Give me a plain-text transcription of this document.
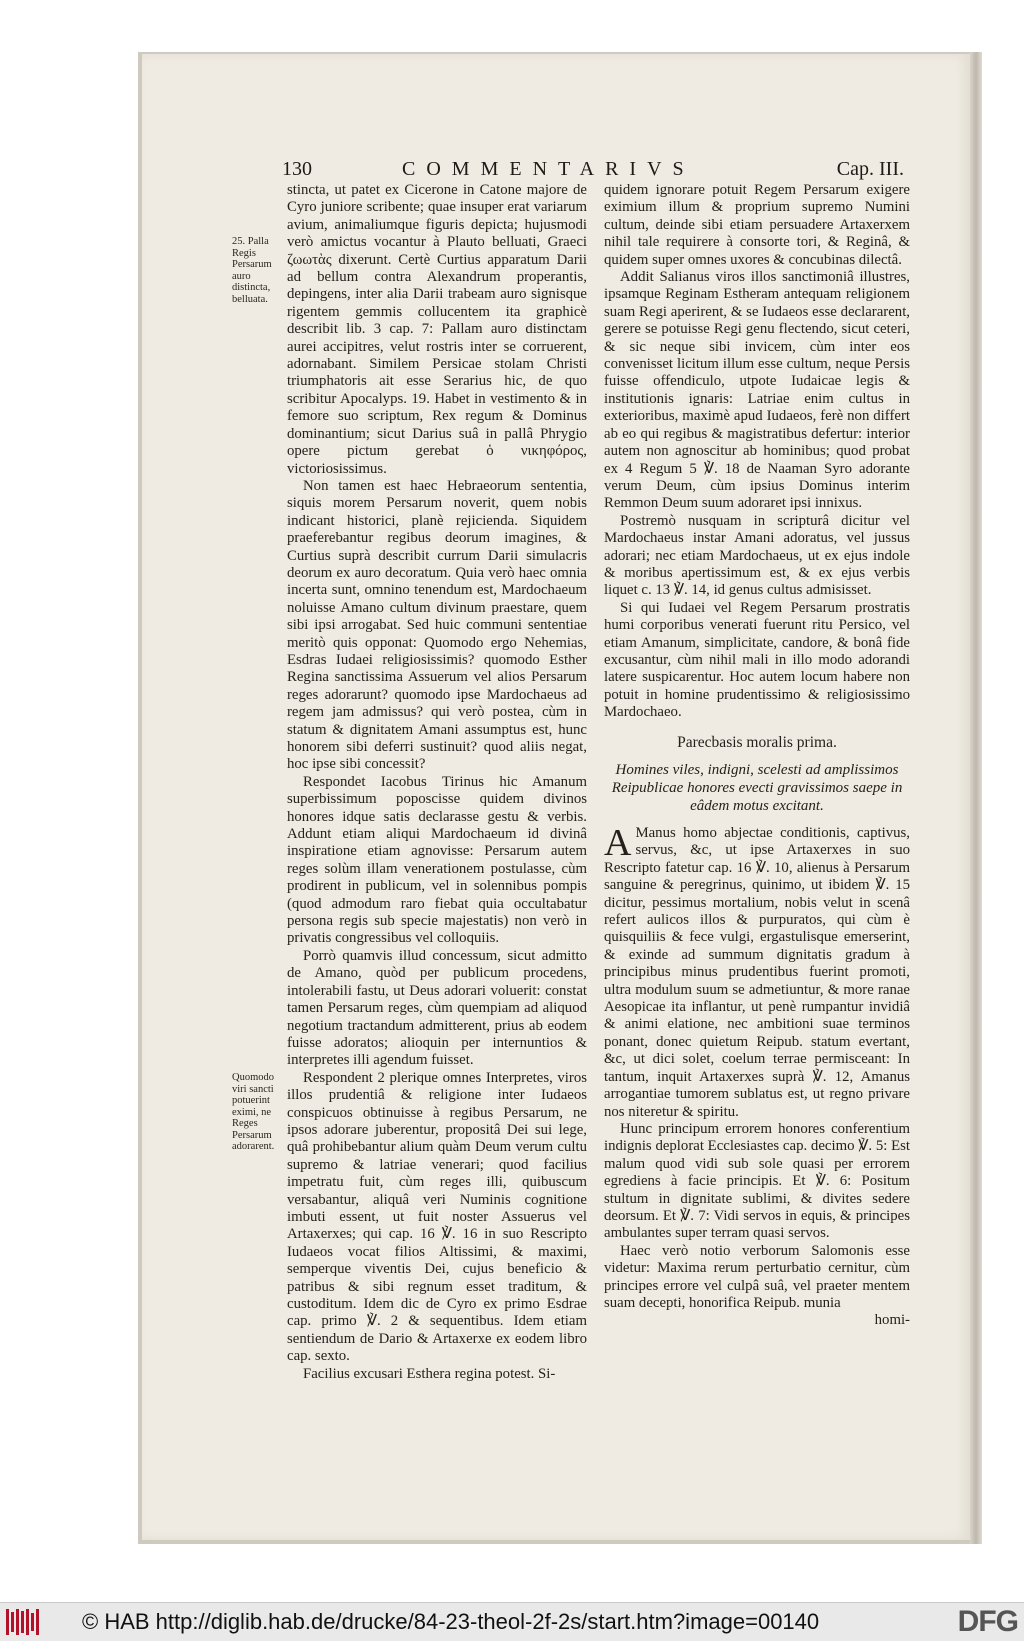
130	COMMENTARIVS	Cap. III.
25. Palla Regis Persarum auro distincta, belluata.
Quomodo viri sancti potuerint eximi, ne Reges Persarum adorarent.

stincta, ut patet ex Cicerone in Catone majore de Cyro juniore scribente; quae insuper erat variarum avium, animaliumque figuris depicta; hujusmodi verò amictus vocantur à Plauto belluati, Graeci ζωωτὰς dixerunt. Certè Curtius apparatum Darii ad bellum contra Alexandrum properantis, depingens, inter alia Darii trabeam auro signisque rigentem gemmis collucentem ita graphicè describit lib. 3 cap. 7: Pallam auro distinctam aurei accipitres, velut rostris inter se corruerent, adornabant. Similem Persicae stolam Christi triumphatoris ait esse Serarius hic, de quo scribitur Apocalyps. 19. Habet in vestimento & in femore suo scriptum, Rex regum & Dominus dominantium; sicut Darius suâ in pallâ Phrygio opere pictum gerebat ὁ νικηφόρος, victoriosissimus.

Non tamen est haec Hebraeorum sententia, siquis morem Persarum noverit, quem nobis indicant historici, planè rejicienda. Siquidem praeferebantur regibus deorum imagines, & Curtius suprà describit currum Darii simulacris deorum ex auro decoratum. Quia verò haec omnia incerta sunt, omnino tenendum est, Mardochaeum noluisse Amano cultum divinum praestare, quem sibi ipsi arrogabat. Sed huic communi sententiae meritò quis opponat: Quomodo ergo Nehemias, Esdras Iudaei religiosissimis? quomodo Esther Regina sanctissima Assuerum vel alios Persarum reges adorarunt? quomodo ipse Mardochaeus ad regem jam admissus? qui verò postea, cùm in statum & dignitatem Amani assumptus est, hunc honorem sibi deferri sustinuit? quod aliis negat, hoc ipse sibi concessit?

Respondet Iacobus Tirinus hic Amanum superbissimum poposcisse quidem divinos honores idque satis declarasse gestu & verbis. Addunt etiam aliqui Mardochaeum id divinâ inspiratione etiam agnovisse: Persarum autem reges solùm illam venerationem postulasse, cùm prodirent in publicum, vel in solennibus pompis (quod admodum raro fiebat quia occultabatur persona regis sub specie majestatis) non verò in privatis congressibus vel colloquiis.

Porrò quamvis illud concessum, sicut admitto de Amano, quòd per publicum procedens, intolerabili fastu, ut Deus adorari voluerit: constat tamen Persarum reges, cùm quempiam ad aliquod negotium tractandum admitterent, prius ab eodem fuisse adoratos; alioquin per internuntios & interpretes illi agendum fuisset.

Respondent 2 plerique omnes Interpretes, viros illos prudentiâ & religione inter Iudaeos conspicuos obtinuisse à regibus Persarum, ne ipsos adorare juberentur, propositâ Dei sui lege, quâ prohibebantur alium quàm Deum verum cultu supremo & latriae venerari; quod facilius impetratu fuit, cùm reges illi, quibuscum versabantur, aliquâ veri Numinis cognitione imbuti essent, ut fuit noster Assuerus vel Artaxerxes; qui cap. 16 ℣. 16 in suo Rescripto Iudaeos vocat filios Altissimi, & maximi, semperque viventis Dei, cujus beneficio & patribus & sibi regnum esset traditum, & custoditum. Idem dic de Cyro ex primo Esdrae cap. primo ℣. 2 & sequentibus. Idem etiam sentiendum de Dario & Artaxerxe ex eodem libro cap. sexto.

Facilius excusari Esthera regina potest. Si-

quidem ignorare potuit Regem Persarum exigere eximium illum & proprium supremo Numini cultum, deinde sibi etiam persuadere Artaxerxem nihil tale requirere à consorte tori, & Reginâ, & quidem super omnes uxores & concubinas dilectâ.

Addit Salianus viros illos sanctimoniâ illustres, ipsamque Reginam Estheram antequam religionem suam Regi aperirent, & se Iudaeos esse declararent, gerere se potuisse Regi genu flectendo, sicut ceteri, & sic neque sibi invicem, cùm inter eos convenisset licitum illum esse cultum, neque Persis fuisse offendiculo, utpote Iudaicae legis & institutionis ignaris: Latriae enim cultus in exterioribus, maximè apud Iudaeos, ferè non differt ab eo qui regibus & magistratibus defertur: interior autem non agnoscitur ab hominibus; quod probat ex 4 Regum 5 ℣. 18 de Naaman Syro adorante verum Deum, cùm ipsius Dominus interim Remmon Deum suum adoraret ipsi innixus.

Postremò nusquam in scripturâ dicitur vel Mardochaeus instar Amani adoratus, vel jussus adorari; nec etiam Mardochaeus, ut ex ejus indole & moribus apertissimum est, & ex ejus verbis liquet c. 13 ℣. 14, id genus cultus admisisset.

Si qui Iudaei vel Regem Persarum prostratis humi corporibus venerati fuerunt ritu Persico, vel etiam Amanum, simplicitate, candore, & bonâ fide excusantur, cùm nihil mali in illo modo adorandi latere suspicarentur. Hoc autem locum habere non potuit in homine prudentissimo & religiosissimo Mardochaeo.

Parecbasis moralis prima.
Homines viles, indigni, scelesti ad amplissimos Reipublicae honores evecti gravissimos saepe in eâdem motus excitant.

A Manus homo abjectae conditionis, captivus, servus, &c, ut ipse Artaxerxes in suo Rescripto fatetur cap. 16 ℣. 10, alienus à Persarum sanguine & peregrinus, quinimo, ut ibidem ℣. 15 dicitur, pessimus mortalium, nobis velut in scenâ refert aulicos illos & purpuratos, qui cùm è quisquiliis & fece vulgi, ergastulisque emerserint, & exinde ad summum dignitatis gradum à principibus minus prudentibus fuerint promoti, ultra modulum suum se admetiuntur, & more ranae Aesopicae ita inflantur, ut penè rumpantur invidiâ & animi elatione, nec ambitioni suae terminos ponant, donec quietum Reipub. statum evertant, &c, ut dici solet, coelum terrae permisceant: In tantum, inquit Artaxerxes suprà ℣. 12, Amanus arrogantiae tumorem sublatus est, ut regno privare nos niteretur & spiritu.

Hunc principum errorem honores conferentium indignis deplorat Ecclesiastes cap. decimo ℣. 5: Est malum quod vidi sub sole quasi per errorem egrediens à facie principis. Et ℣. 6: Positum stultum in dignitate sublimi, & divites sedere deorsum. Et ℣. 7: Vidi servos in equis, & principes ambulantes super terram quasi servos.

Haec verò notio verborum Salomonis esse videtur: Maxima rerum perturbatio cernitur, cùm principes errore vel culpâ suâ, vel praeter mentem suam decepti, honorifica Reipub. munia

homi-
© HAB http://diglib.hab.de/drucke/84-23-theol-2f-2s/start.htm?image=00140	DFG
